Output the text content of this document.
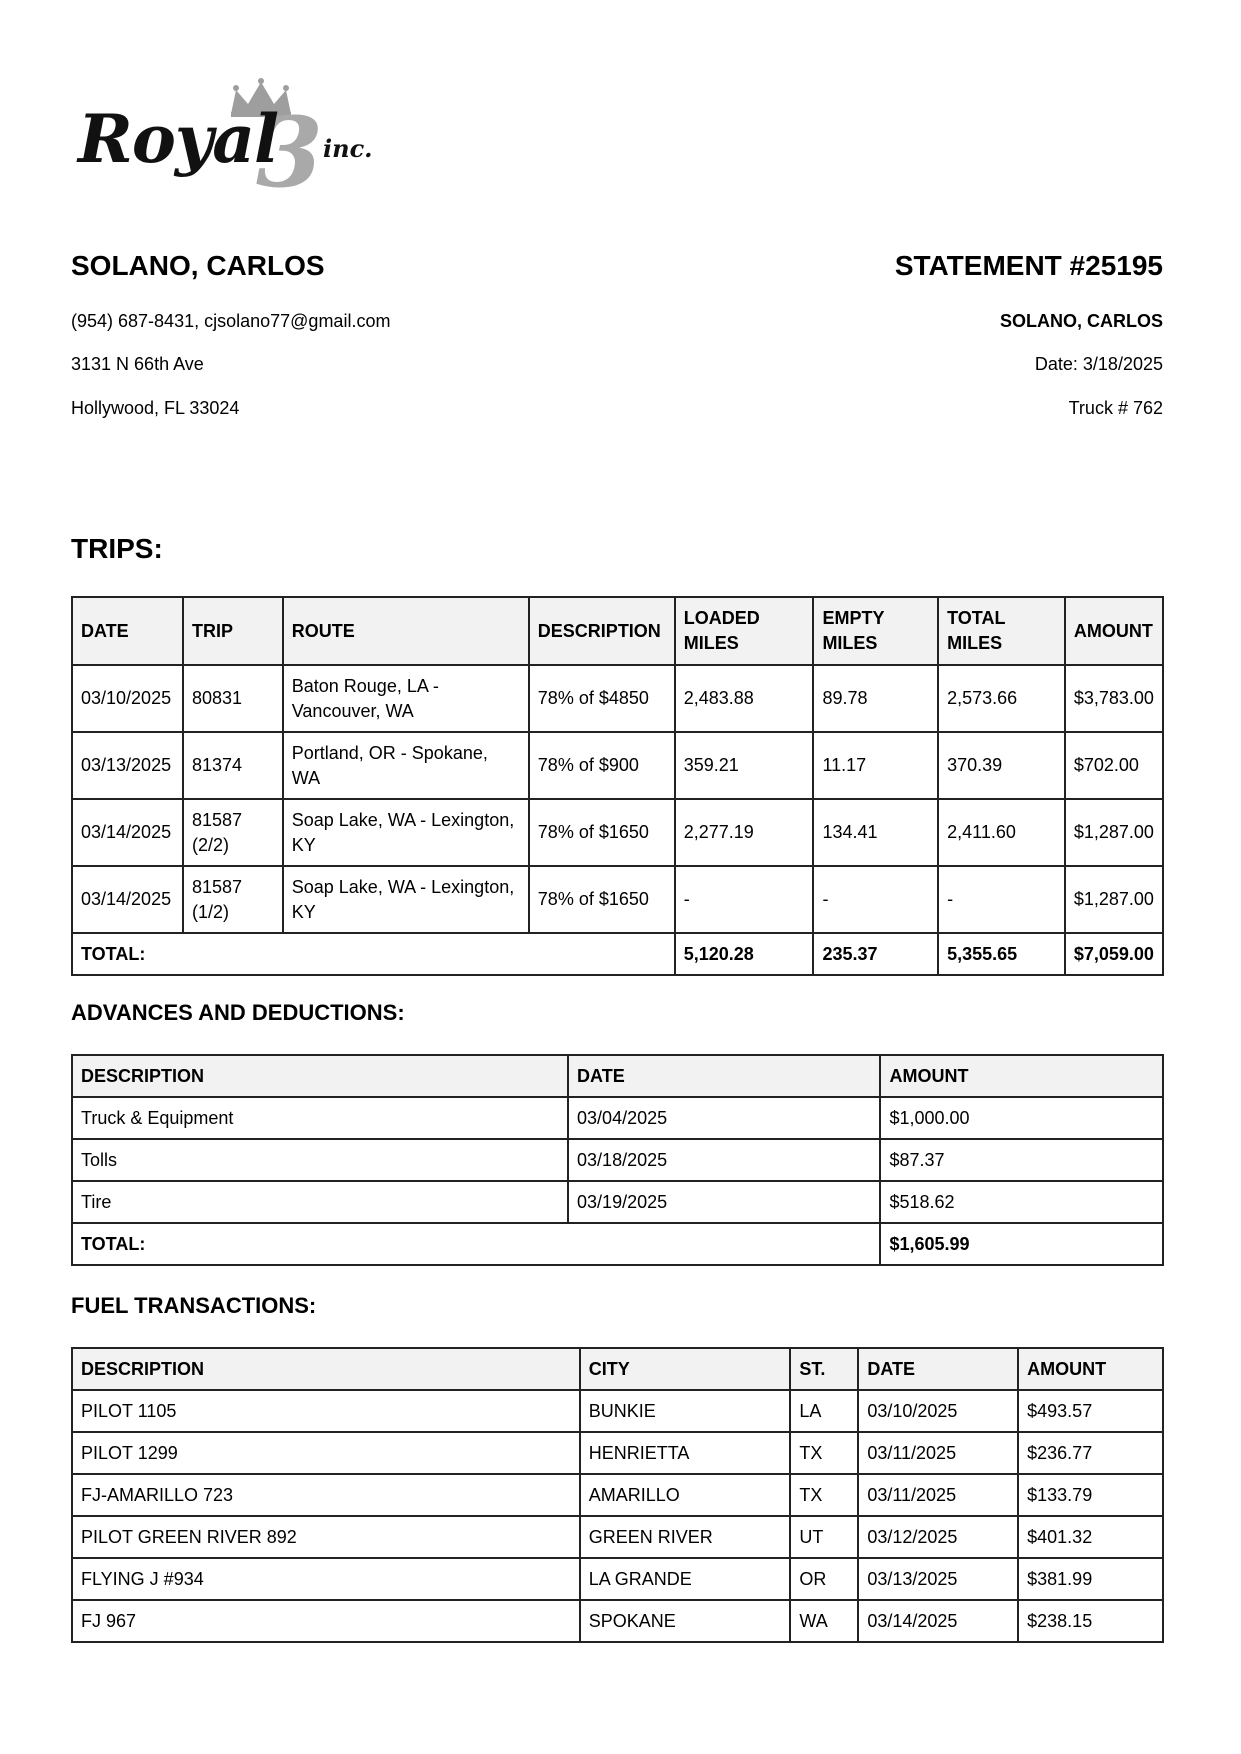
3
Royal inc.
SOLANO, CARLOS	STATEMENT #25195
(954) 687-8431, cjsolano77@gmail.com
3131 N 66th Ave
Hollywood, FL 33024
SOLANO, CARLOS
Date: 3/18/2025
Truck # 762
TRIPS:
DATE	TRIP	ROUTE	DESCRIPTION	LOADED MILES	EMPTY MILES	TOTAL MILES	AMOUNT
03/10/2025	80831	Baton Rouge, LA - Vancouver, WA	78% of $4850	2,483.88	89.78	2,573.66	$3,783.00
03/13/2025	81374	Portland, OR - Spokane, WA	78% of $900	359.21	11.17	370.39	$702.00
03/14/2025	81587 (2/2)	Soap Lake, WA - Lexington, KY	78% of $1650	2,277.19	134.41	2,411.60	$1,287.00
03/14/2025	81587 (1/2)	Soap Lake, WA - Lexington, KY	78% of $1650	-	-	-	$1,287.00
TOTAL:				5,120.28	235.37	5,355.65	$7,059.00
ADVANCES AND DEDUCTIONS:
DESCRIPTION	DATE	AMOUNT
Truck & Equipment	03/04/2025	$1,000.00
Tolls	03/18/2025	$87.37
Tire	03/19/2025	$518.62
TOTAL:		$1,605.99
FUEL TRANSACTIONS:
DESCRIPTION	CITY	ST.	DATE	AMOUNT
PILOT 1105	BUNKIE	LA	03/10/2025	$493.57
PILOT 1299	HENRIETTA	TX	03/11/2025	$236.77
FJ-AMARILLO 723	AMARILLO	TX	03/11/2025	$133.79
PILOT GREEN RIVER 892	GREEN RIVER	UT	03/12/2025	$401.32
FLYING J #934	LA GRANDE	OR	03/13/2025	$381.99
FJ 967	SPOKANE	WA	03/14/2025	$238.15
